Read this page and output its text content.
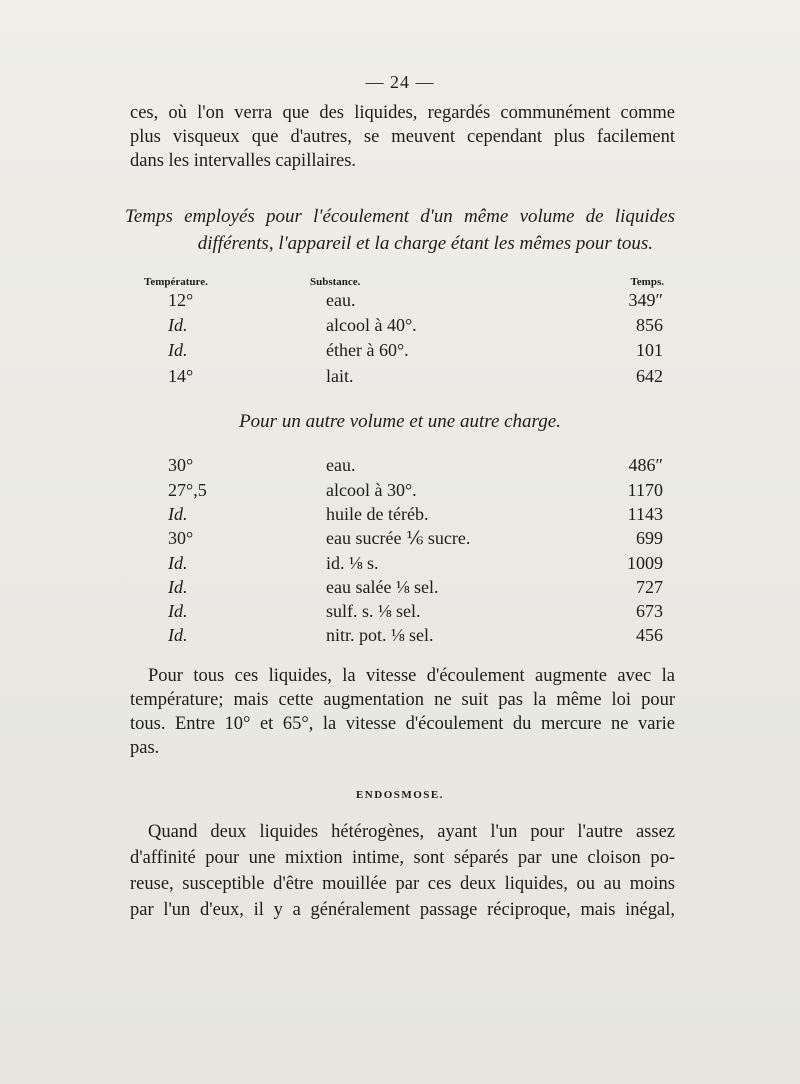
— 24 —
ces, où l'on verra que des liquides, regardés communément comme
plus visqueux que d'autres, se meuvent cependant plus facilement
dans les intervalles capillaires.
Temps employés pour l'écoulement d'un même volume de liquides
différents, l'appareil et la charge étant les mêmes pour tous.
Température.	Substance.	Temps.
12°	eau.	349″
Id.	alcool à 40°.	856
Id.	éther à 60°.	101
14°	lait.	642
Pour un autre volume et une autre charge.
30°	eau.	486″
27°,5	alcool à 30°.	1170
Id.	huile de téréb.	1143
30°	eau sucrée ⅙ sucre.	699
Id.	id. ⅛ s.	1009
Id.	eau salée ⅛ sel.	727
Id.	sulf. s. ⅛ sel.	673
Id.	nitr. pot. ⅛ sel.	456
Pour tous ces liquides, la vitesse d'écoulement augmente avec la
température; mais cette augmentation ne suit pas la même loi pour
tous. Entre 10° et 65°, la vitesse d'écoulement du mercure ne varie
pas.
ENDOSMOSE.
Quand deux liquides hétérogènes, ayant l'un pour l'autre assez
d'affinité pour une mixtion intime, sont séparés par une cloison po-
reuse, susceptible d'être mouillée par ces deux liquides, ou au moins
par l'un d'eux, il y a généralement passage réciproque, mais inégal,
